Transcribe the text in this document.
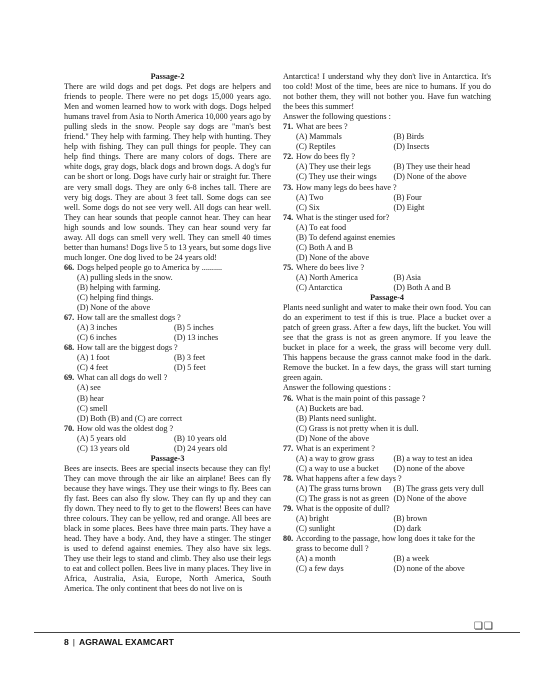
Passage-2
There are wild dogs and pet dogs. Pet dogs are helpers and friends to people. There were no pet dogs 15,000 years ago. Men and women learned how to work with dogs. Dogs helped humans travel from Asia to North America 10,000 years ago by pulling sleds in the snow. People say dogs are "man's best friend." They help with farming. They help with hunting. They help with fishing. They can pull things for people. They can help find things. There are many colors of dogs. There are white dogs, gray dogs, black dogs and brown dogs. A dog's fur can be short or long. Dogs have curly hair or straight fur. There are very small dogs. They are only 6-8 inches tall. There are very big dogs. They are about 3 feet tall. Some dogs can see well. Some dogs do not see very well. All dogs can hear well. They can hear sounds that people cannot hear. They can hear high sounds and low sounds. They can hear sound very far away. All dogs can smell very well. They can smell 40 times better than humans! Dogs live 5 to 13 years, but some dogs live much longer. One dog lived to be 24 years old!
66. Dogs helped people go to America by ..........
(A) pulling sleds in the snow.
(B) helping with farming.
(C) helping find things.
(D) None of the above
67. How tall are the smallest dogs ?
(A) 3 inches	(B) 5 inches
(C) 6 inches	(D) 13 inches
68. How tall are the biggest dogs ?
(A) 1 foot	(B) 3 feet
(C) 4 feet	(D) 5 feet
69. What can all dogs do well ?
(A) see
(B) hear
(C) smell
(D) Both (B) and (C) are correct
70. How old was the oldest dog ?
(A) 5 years old	(B) 10 years old
(C) 13 years old	(D) 24 years old
Passage-3
Bees are insects. Bees are special insects because they can fly! They can move through the air like an airplane! Bees can fly because they have wings. They use their wings to fly. Bees can fly fast. Bees can also fly slow. They can fly up and they can fly down. They need to fly to get to the flowers! Bees can have three colours. They can be yellow, red and orange. All bees are black in some places. Bees have three main parts. They have a head. They have a body. And, they have a stinger. The stinger is used to defend against enemies. They also have six legs. They use their legs to stand and climb. They also use their legs to eat and collect pollen. Bees live in many places. They live in Africa, Australia, Asia, Europe, North America, South America. The only continent that bees do not live on is
Antarctica! I understand why they don't live in Antarctica. It's too cold! Most of the time, bees are nice to humans. If you do not bother them, they will not bother you. Have fun watching the bees this summer!
Answer the following questions :
71. What are bees ?
(A) Mammals	(B) Birds
(C) Reptiles	(D) Insects
72. How do bees fly ?
(A) They use their legs	(B) They use their head
(C) They use their wings	(D) None of the above
73. How many legs do bees have ?
(A) Two	(B) Four
(C) Six	(D) Eight
74. What is the stinger used for?
(A) To eat food
(B) To defend against enemies
(C) Both A and B
(D) None of the above
75. Where do bees live ?
(A) North America	(B) Asia
(C) Antarctica	(D) Both A and B
Passage-4
Plants need sunlight and water to make their own food. You can do an experiment to test if this is true. Place a bucket over a patch of green grass. After a few days, lift the bucket. You will see that the grass is not as green anymore. If you leave the bucket in place for a week, the grass will become very dull. This happens because the grass cannot make food in the dark. Remove the bucket. In a few days, the grass will start turning green again.
Answer the following questions :
76. What is the main point of this passage ?
(A) Buckets are bad.
(B) Plants need sunlight.
(C) Grass is not pretty when it is dull.
(D) None of the above
77. What is an experiment ?
(A) a way to grow grass	(B) a way to test an idea
(C) a way to use a bucket	(D) none of the above
78. What happens after a few days ?
(A) The grass turns brown	(B) The grass gets very dull
(C) The grass is not as green (D) None of the above
79. What is the opposite of dull?
(A) bright	(B) brown
(C) sunlight	(D) dark
80. According to the passage, how long does it take for the grass to become dull ?
(A) a month	(B) a week
(C) a few days	(D) none of the above
❏❏
8 | AGRAWAL EXAMCART
